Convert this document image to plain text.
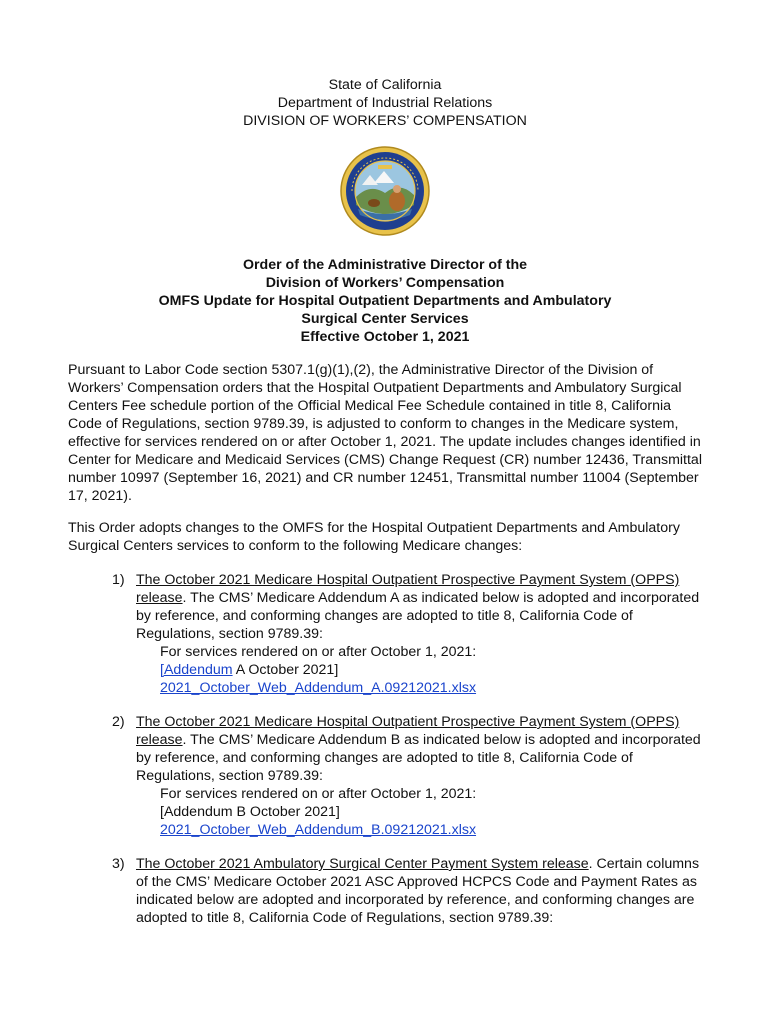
State of California
Department of Industrial Relations
DIVISION OF WORKERS’ COMPENSATION
Order of the Administrative Director of the
Division of Workers’ Compensation
OMFS Update for Hospital Outpatient Departments and Ambulatory
Surgical Center Services
Effective October 1, 2021

Pursuant to Labor Code section 5307.1(g)(1),(2), the Administrative Director of the Division of Workers’ Compensation orders that the Hospital Outpatient Departments and Ambulatory Surgical Centers Fee schedule portion of the Official Medical Fee Schedule contained in title 8, California Code of Regulations, section 9789.39, is adjusted to conform to changes in the Medicare system, effective for services rendered on or after October 1, 2021. The update includes changes identified in Center for Medicare and Medicaid Services (CMS) Change Request (CR) number 12436, Transmittal number 10997 (September 16, 2021) and CR number 12451, Transmittal number 11004 (September 17, 2021).

This Order adopts changes to the OMFS for the Hospital Outpatient Departments and Ambulatory Surgical Centers services to conform to the following Medicare changes:

1) The October 2021 Medicare Hospital Outpatient Prospective Payment System (OPPS) release. The CMS’ Medicare Addendum A as indicated below is adopted and incorporated by reference, and conforming changes are adopted to title 8, California Code of Regulations, section 9789.39:
For services rendered on or after October 1, 2021:
[Addendum A October 2021]
2021_October_Web_Addendum_A.09212021.xlsx
2) The October 2021 Medicare Hospital Outpatient Prospective Payment System (OPPS) release. The CMS’ Medicare Addendum B as indicated below is adopted and incorporated by reference, and conforming changes are adopted to title 8, California Code of Regulations, section 9789.39:
For services rendered on or after October 1, 2021:
[Addendum B October 2021]
2021_October_Web_Addendum_B.09212021.xlsx
3) The October 2021 Ambulatory Surgical Center Payment System release. Certain columns of the CMS’ Medicare October 2021 ASC Approved HCPCS Code and Payment Rates as indicated below are adopted and incorporated by reference, and conforming changes are adopted to title 8, California Code of Regulations, section 9789.39:
